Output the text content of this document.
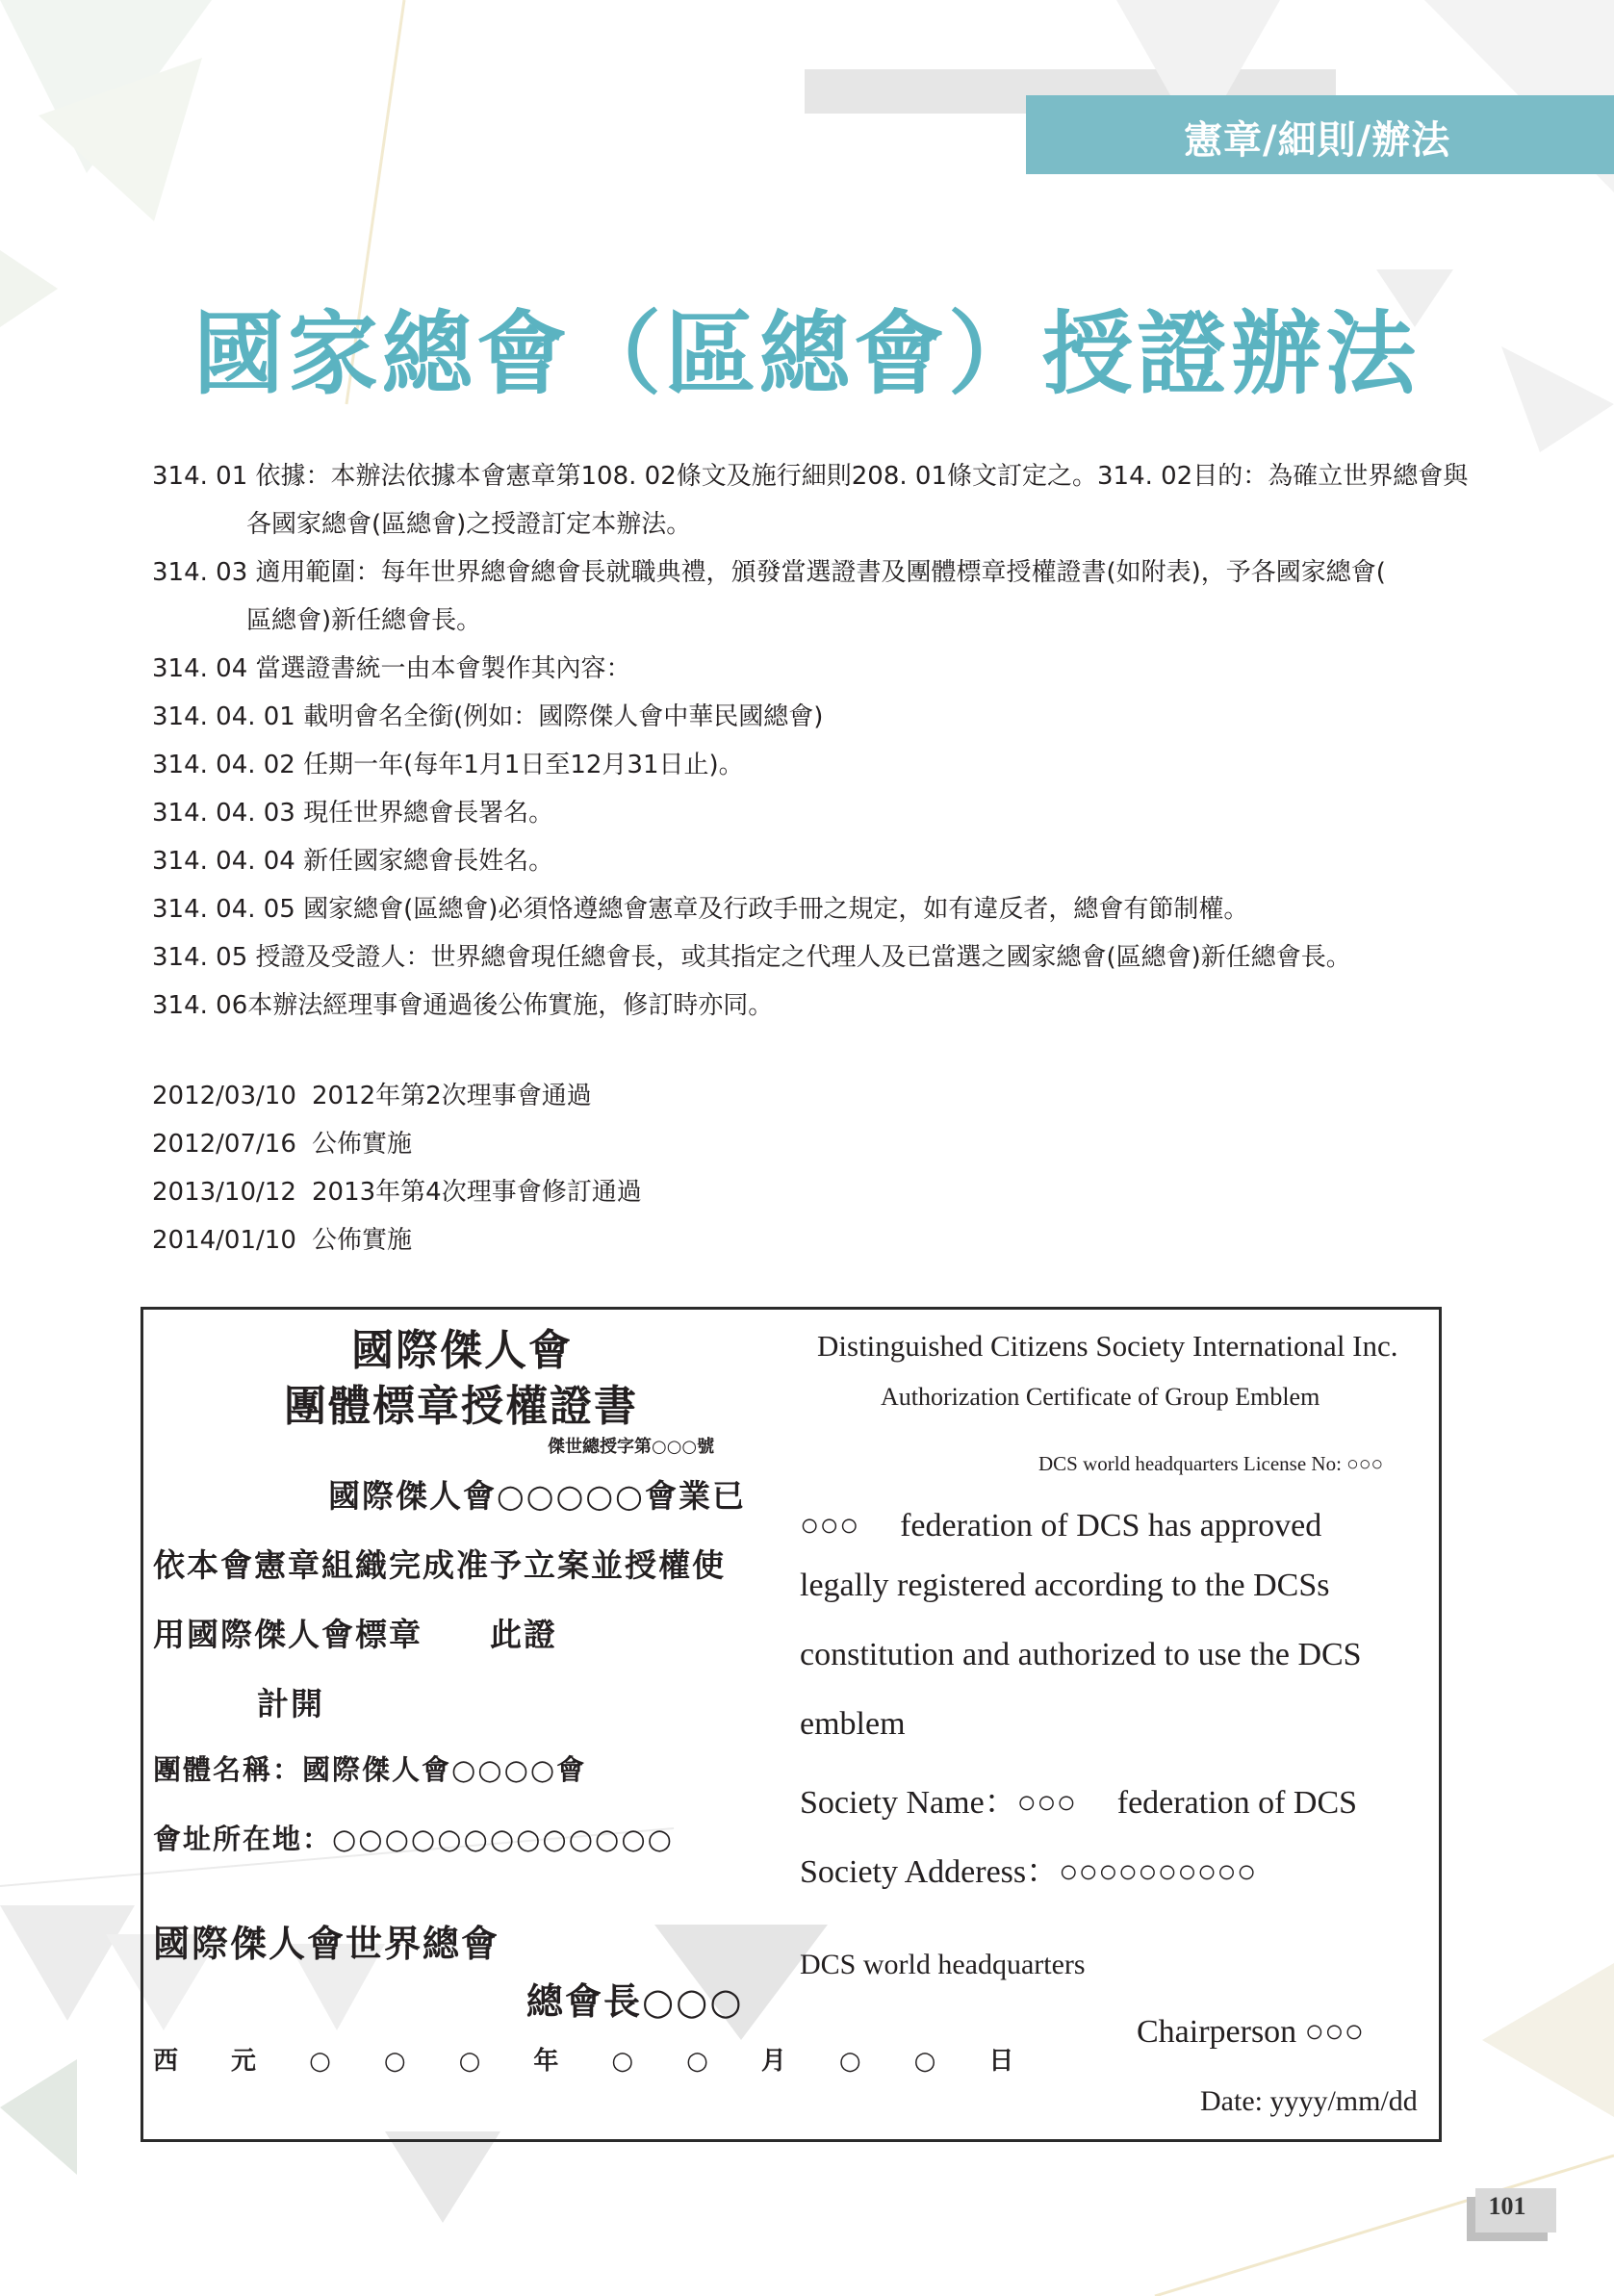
憲章/細則/辦法
國家總會（區總會）授證辦法
314. 01 依據：本辦法依據本會憲章第108. 02條文及施行細則208. 01條文訂定之。314. 02目的：為確立世界總會與
各國家總會(區總會)之授證訂定本辦法。
314. 03 適用範圍：每年世界總會總會長就職典禮，頒發當選證書及團體標章授權證書(如附表)，予各國家總會(
區總會)新任總會長。
314. 04 當選證書統一由本會製作其內容：
314. 04. 01 載明會名全銜(例如：國際傑人會中華民國總會)
314. 04. 02 任期一年(每年1月1日至12月31日止)。
314. 04. 03 現任世界總會長署名。
314. 04. 04 新任國家總會長姓名。
314. 04. 05 國家總會(區總會)必須恪遵總會憲章及行政手冊之規定，如有違反者，總會有節制權。
314. 05 授證及受證人：世界總會現任總會長，或其指定之代理人及已當選之國家總會(區總會)新任總會長。
314. 06本辦法經理事會通過後公佈實施，修訂時亦同。
2012/03/10 2012年第2次理事會通過
2012/07/16 公佈實施
2013/10/12 2013年第4次理事會修訂通過
2014/01/10 公佈實施
國際傑人會
團體標章授權證書
傑世總授字第○○○號
國際傑人會○○○○○會業已
依本會憲章組織完成准予立案並授權使
用國際傑人會標章　　此證
計開
團體名稱：國際傑人會○○○○會
會址所在地：○○○○○○○○○○○○○
國際傑人會世界總會
總會長○○○
西 元 ○ ○ ○ 年 ○ ○ 月 ○ ○ 日
Distinguished Citizens Society International Inc.
Authorization Certificate of Group Emblem
DCS world headquarters License No: ○○○
○○○　 federation of DCS has approved
legally registered according to the DCSs
constitution and authorized to use the DCS
emblem
Society Name：○○○　 federation of DCS
Society Adderess：○○○○○○○○○○
DCS world headquarters
Chairperson ○○○
Date: yyyy/mm/dd
101
